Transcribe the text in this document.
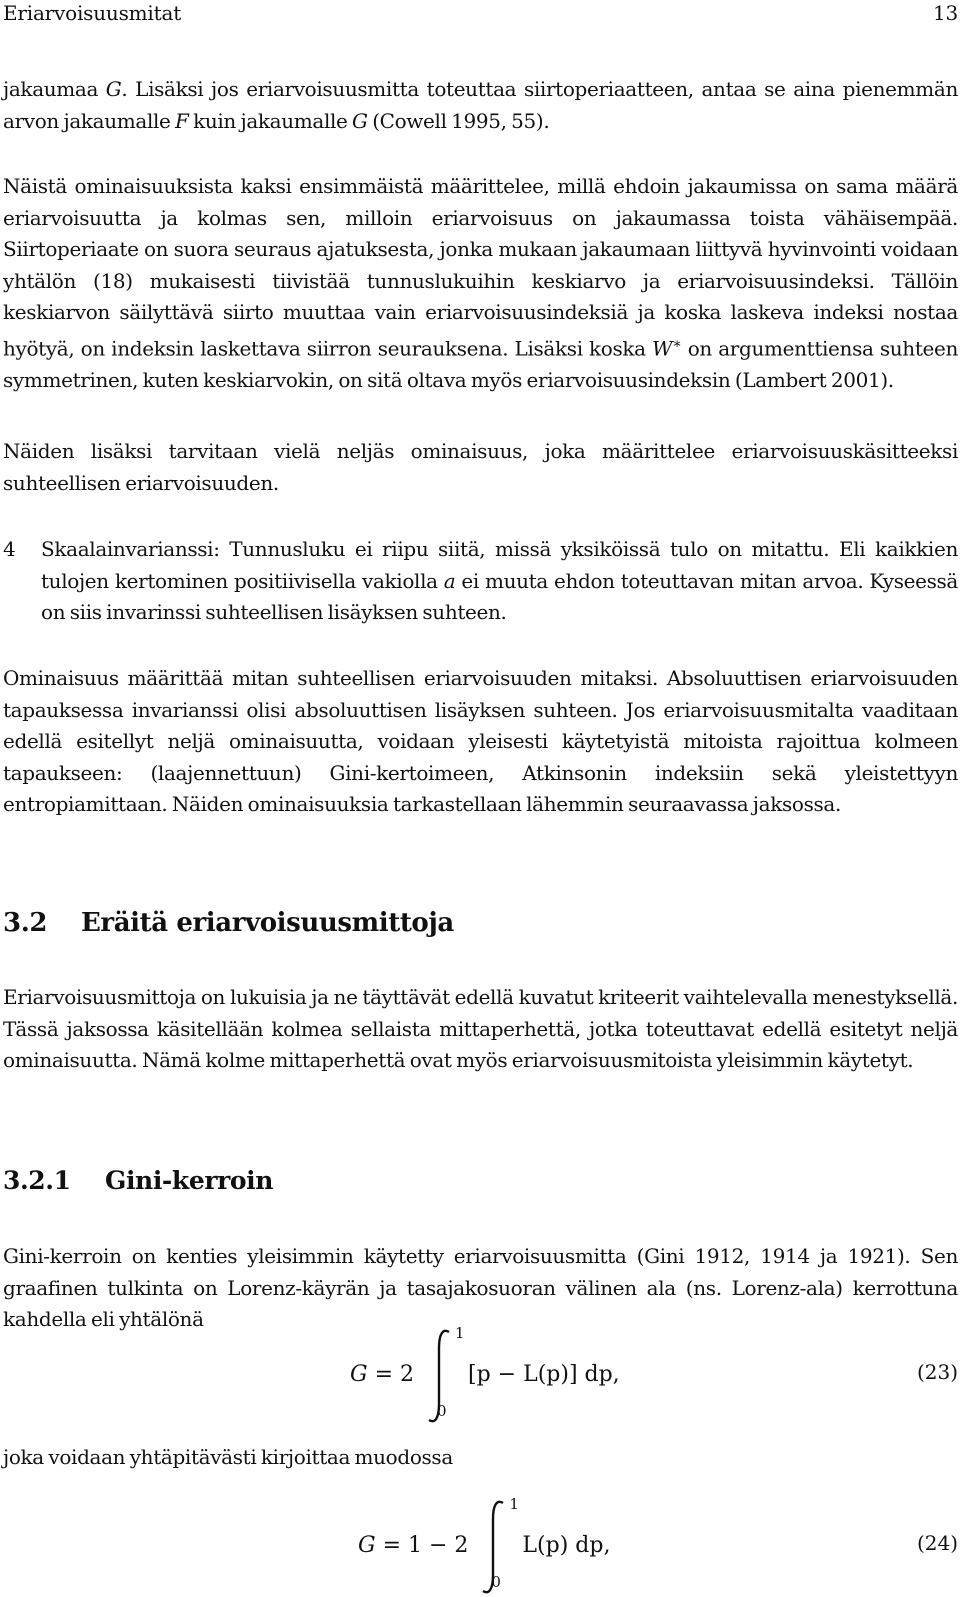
Eriarvoisuusmitat	13

jakaumaa G. Lisäksi jos eriarvoisuusmitta toteuttaa siirtoperiaatteen, antaa se aina pienemmän arvon jakaumalle F kuin jakaumalle G (Cowell 1995, 55).

Näistä ominaisuuksista kaksi ensimmäistä määrittelee, millä ehdoin jakaumissa on sama määrä eriarvoisuutta ja kolmas sen, milloin eriarvoisuus on jakaumassa toista vähäisempää. Siirtoperiaate on suora seuraus ajatuksesta, jonka mukaan jakaumaan liittyvä hyvinvointi voidaan yhtälön (18) mukaisesti tiivistää tunnuslukuihin keskiarvo ja eriarvoisuusindeksi. Tällöin keskiarvon säilyttävä siirto muuttaa vain eriarvoisuusindeksiä ja koska laskeva indeksi nostaa hyötyä, on indeksin laskettava siirron seurauksena. Lisäksi koska W∗ on argumenttiensa suhteen symmetrinen, kuten keskiarvokin, on sitä oltava myös eriarvoisuusindeksin (Lambert 2001).

Näiden lisäksi tarvitaan vielä neljäs ominaisuus, joka määrittelee eriarvoisuuskäsitteeksi suhteellisen eriarvoisuuden.

4 Skaalainvarianssi: Tunnusluku ei riipu siitä, missä yksiköissä tulo on mitattu. Eli kaikkien tulojen kertominen positiivisella vakiolla a ei muuta ehdon toteuttavan mitan arvoa. Kyseessä on siis invarinssi suhteellisen lisäyksen suhteen.

Ominaisuus määrittää mitan suhteellisen eriarvoisuuden mitaksi. Absoluuttisen eriarvoisuuden tapauksessa invarianssi olisi absoluuttisen lisäyksen suhteen. Jos eriarvoisuusmitalta vaaditaan edellä esitellyt neljä ominaisuutta, voidaan yleisesti käytetyistä mitoista rajoittua kolmeen tapaukseen: (laajennettuun) Gini-kertoimeen, Atkinsonin indeksiin sekä yleistettyyn entropiamittaan. Näiden ominaisuuksia tarkastellaan lähemmin seuraavassa jaksossa.

3.2 Eräitä eriarvoisuusmittoja

Eriarvoisuusmittoja on lukuisia ja ne täyttävät edellä kuvatut kriteerit vaihtelevalla menestyksellä. Tässä jaksossa käsitellään kolmea sellaista mittaperhettä, jotka toteuttavat edellä esitetyt neljä ominaisuutta. Nämä kolme mittaperhettä ovat myös eriarvoisuusmitoista yleisimmin käytetyt.

3.2.1 Gini-kerroin

Gini-kerroin on kenties yleisimmin käytetty eriarvoisuusmitta (Gini 1912, 1914 ja 1921). Sen graafinen tulkinta on Lorenz-käyrän ja tasajakosuoran välinen ala (ns. Lorenz-ala) kerrottuna kahdella eli yhtälönä

G = 2
1
0
[p − L(p)] dp,	(23)

joka voidaan yhtäpitävästi kirjoittaa muodossa

G = 1 − 2
1
0
L(p) dp,	(24)
